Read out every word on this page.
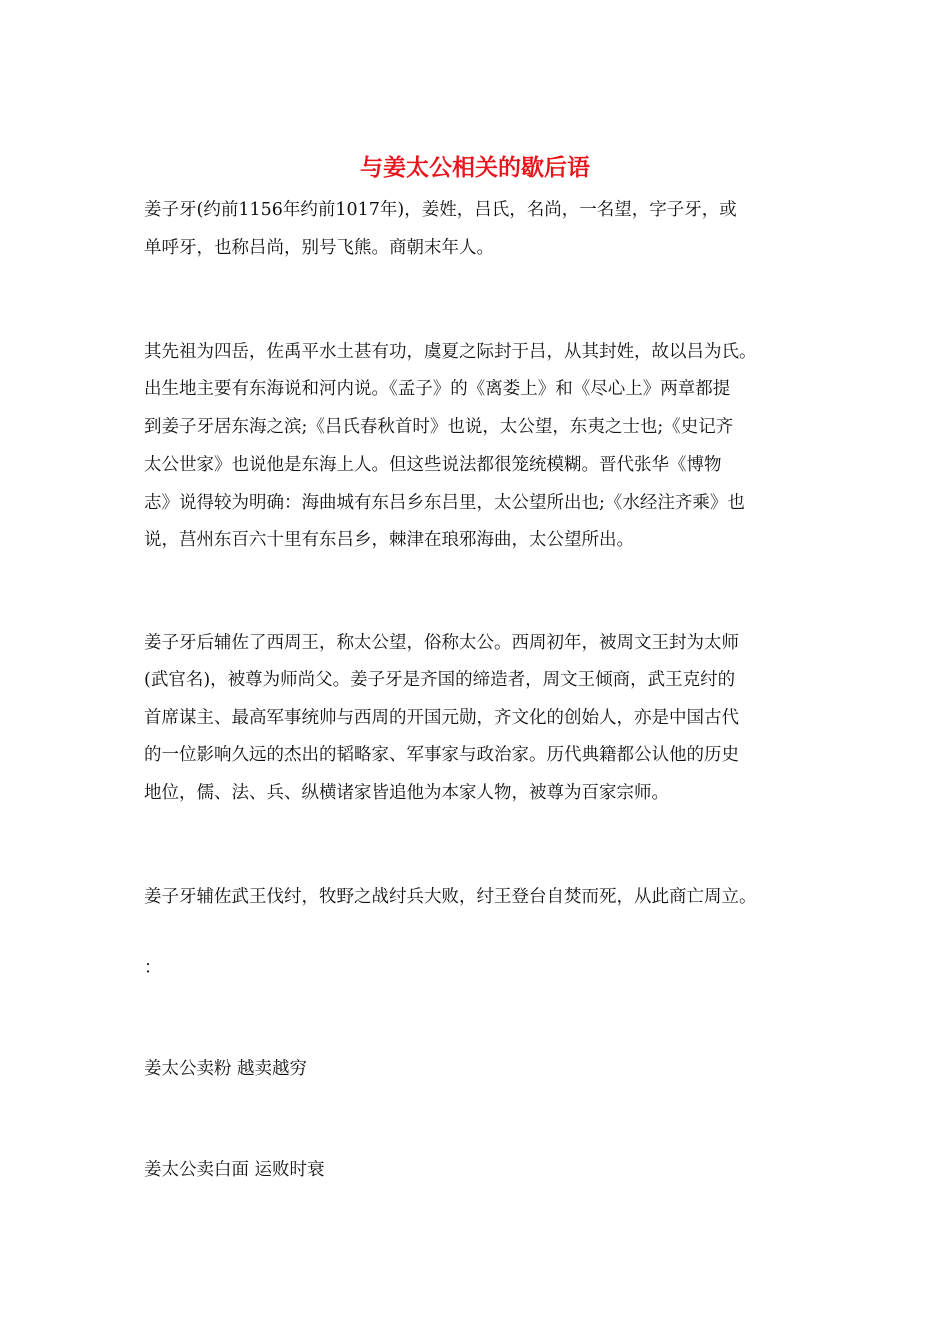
与姜太公相关的歇后语

姜子牙(约前1156年约前1017年)，姜姓，吕氏，名尚，一名望，字子牙，或

单呼牙，也称吕尚，别号飞熊。商朝末年人。

其先祖为四岳，佐禹平水土甚有功，虞夏之际封于吕，从其封姓，故以吕为氏。

出生地主要有东海说和河内说。《孟子》的《离娄上》和《尽心上》两章都提

到姜子牙居东海之滨;《吕氏春秋首时》也说，太公望，东夷之士也;《史记齐

太公世家》也说他是东海上人。但这些说法都很笼统模糊。晋代张华《博物

志》说得较为明确：海曲城有东吕乡东吕里，太公望所出也;《水经注齐乘》也

说，莒州东百六十里有东吕乡，棘津在琅邪海曲，太公望所出。

姜子牙后辅佐了西周王，称太公望，俗称太公。西周初年，被周文王封为太师

(武官名)，被尊为师尚父。姜子牙是齐国的缔造者，周文王倾商，武王克纣的

首席谋主、最高军事统帅与西周的开国元勋，齐文化的创始人，亦是中国古代

的一位影响久远的杰出的韬略家、军事家与政治家。历代典籍都公认他的历史

地位，儒、法、兵、纵横诸家皆追他为本家人物，被尊为百家宗师。

姜子牙辅佐武王伐纣，牧野之战纣兵大败，纣王登台自焚而死，从此商亡周立。

：

姜太公卖粉 越卖越穷

姜太公卖白面 运败时衰
